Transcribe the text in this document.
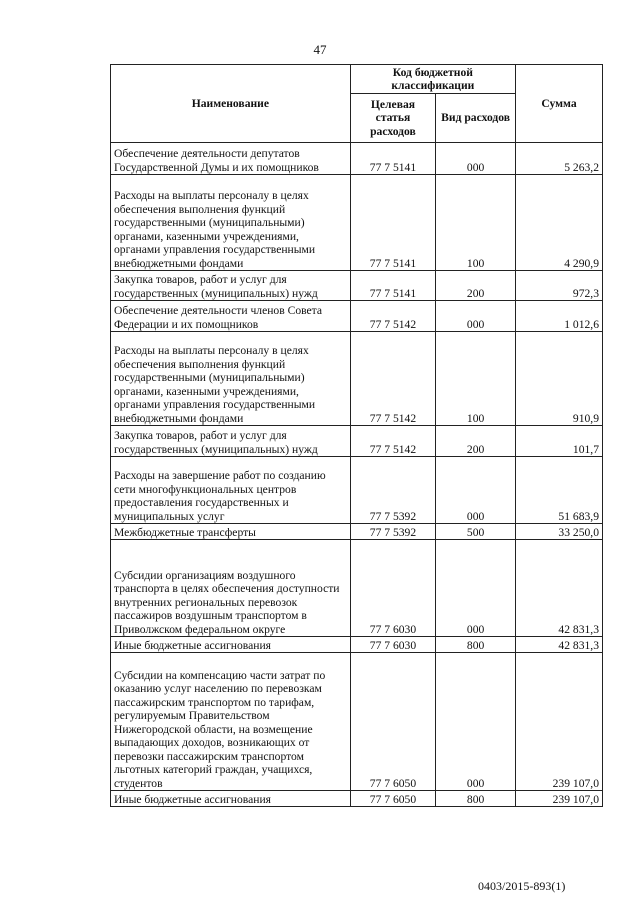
47
Наименование	Код бюджетной классификации		Сумма
	Целевая статья расходов	Вид расходов	
Обеспечение деятельности депутатов Государственной Думы и их помощников	77 7 5141	000	5 263,2
Расходы на выплаты персоналу в целях обеспечения выполнения функций государственными (муниципальными) органами, казенными учреждениями, органами управления государственными внебюджетными фондами	77 7 5141	100	4 290,9
Закупка товаров, работ и услуг для государственных (муниципальных) нужд	77 7 5141	200	972,3
Обеспечение деятельности членов Совета Федерации и их помощников	77 7 5142	000	1 012,6
Расходы на выплаты персоналу в целях обеспечения выполнения функций государственными (муниципальными) органами, казенными учреждениями, органами управления государственными внебюджетными фондами	77 7 5142	100	910,9
Закупка товаров, работ и услуг для государственных (муниципальных) нужд	77 7 5142	200	101,7
Расходы на завершение работ по созданию сети многофункциональных центров предоставления государственных и муниципальных услуг	77 7 5392	000	51 683,9
Межбюджетные трансферты	77 7 5392	500	33 250,0
Субсидии организациям воздушного транспорта в целях обеспечения доступности внутренних региональных перевозок пассажиров воздушным транспортом в Приволжском федеральном округе	77 7 6030	000	42 831,3
Иные бюджетные ассигнования	77 7 6030	800	42 831,3
Субсидии на компенсацию части затрат по оказанию услуг населению по перевозкам пассажирским транспортом по тарифам, регулируемым Правительством Нижегородской области, на возмещение выпадающих доходов, возникающих от перевозки пассажирским транспортом льготных категорий граждан, учащихся, студентов	77 7 6050	000	239 107,0
Иные бюджетные ассигнования	77 7 6050	800	239 107,0
0403/2015-893(1)
